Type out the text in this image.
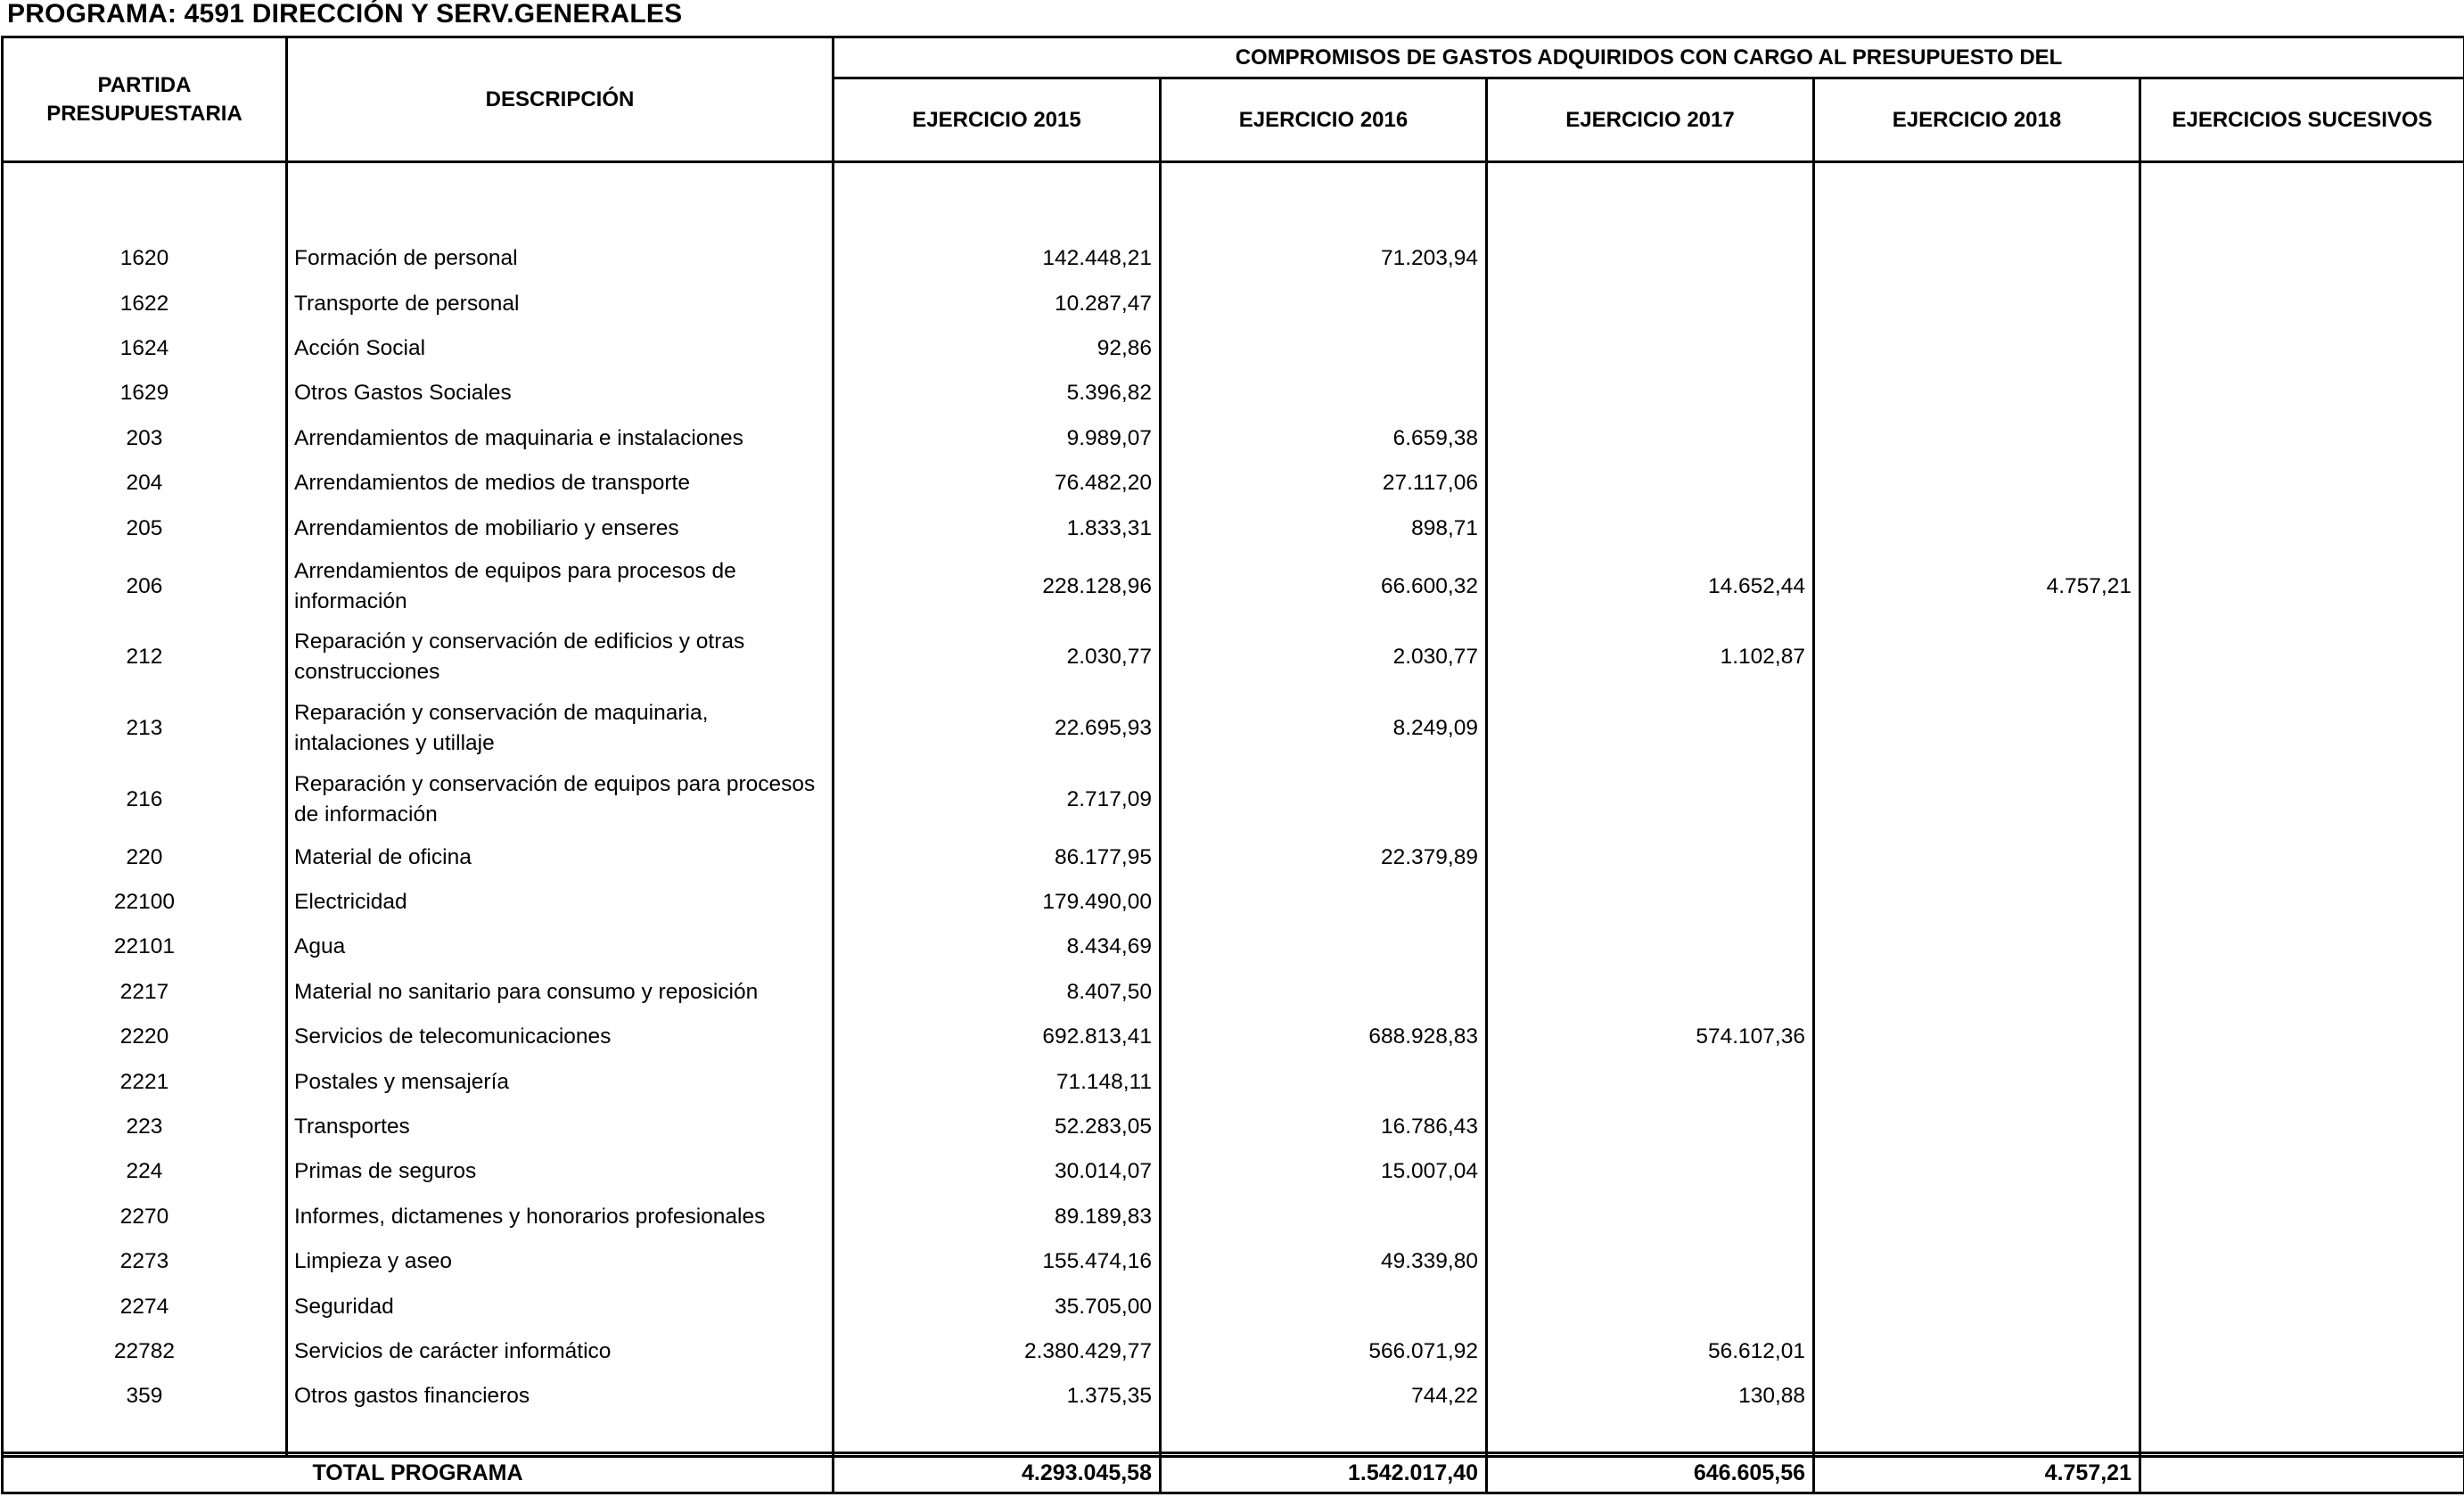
PROGRAMA: 4591 DIRECCIÓN Y SERV.GENERALES
PARTIDA
PRESUPUESTARIA	DESCRIPCIÓN	COMPROMISOS DE GASTOS ADQUIRIDOS CON CARGO AL PRESUPUESTO DEL				
		EJERCICIO 2015	EJERCICIO 2016	EJERCICIO 2017	EJERCICIO 2018	EJERCICIOS SUCESIVOS

1620	Formación de personal	142.448,21	71.203,94			
1622	Transporte de personal	10.287,47				
1624	Acción Social	92,86				
1629	Otros Gastos Sociales	5.396,82				
203	Arrendamientos de maquinaria e instalaciones	9.989,07	6.659,38			
204	Arrendamientos de medios de transporte	76.482,20	27.117,06			
205	Arrendamientos de mobiliario y enseres	1.833,31	898,71			
206	Arrendamientos de equipos para procesos de información	228.128,96	66.600,32	14.652,44	4.757,21	
212	Reparación y conservación de edificios y otras construcciones	2.030,77	2.030,77	1.102,87		
213	Reparación y conservación de maquinaria, intalaciones y utillaje	22.695,93	8.249,09			
216	Reparación y conservación de equipos para procesos de información	2.717,09				
220	Material de oficina	86.177,95	22.379,89			
22100	Electricidad	179.490,00				
22101	Agua	8.434,69				
2217	Material no sanitario para consumo y reposición	8.407,50				
2220	Servicios de telecomunicaciones	692.813,41	688.928,83	574.107,36		
2221	Postales y mensajería	71.148,11				
223	Transportes	52.283,05	16.786,43			
224	Primas de seguros	30.014,07	15.007,04			
2270	Informes, dictamenes y honorarios profesionales	89.189,83				
2273	Limpieza y aseo	155.474,16	49.339,80			
2274	Seguridad	35.705,00				
22782	Servicios de carácter informático	2.380.429,77	566.071,92	56.612,01		
359	Otros gastos financieros	1.375,35	744,22	130,88		

TOTAL PROGRAMA	4.293.045,58	1.542.017,40	646.605,56	4.757,21	
